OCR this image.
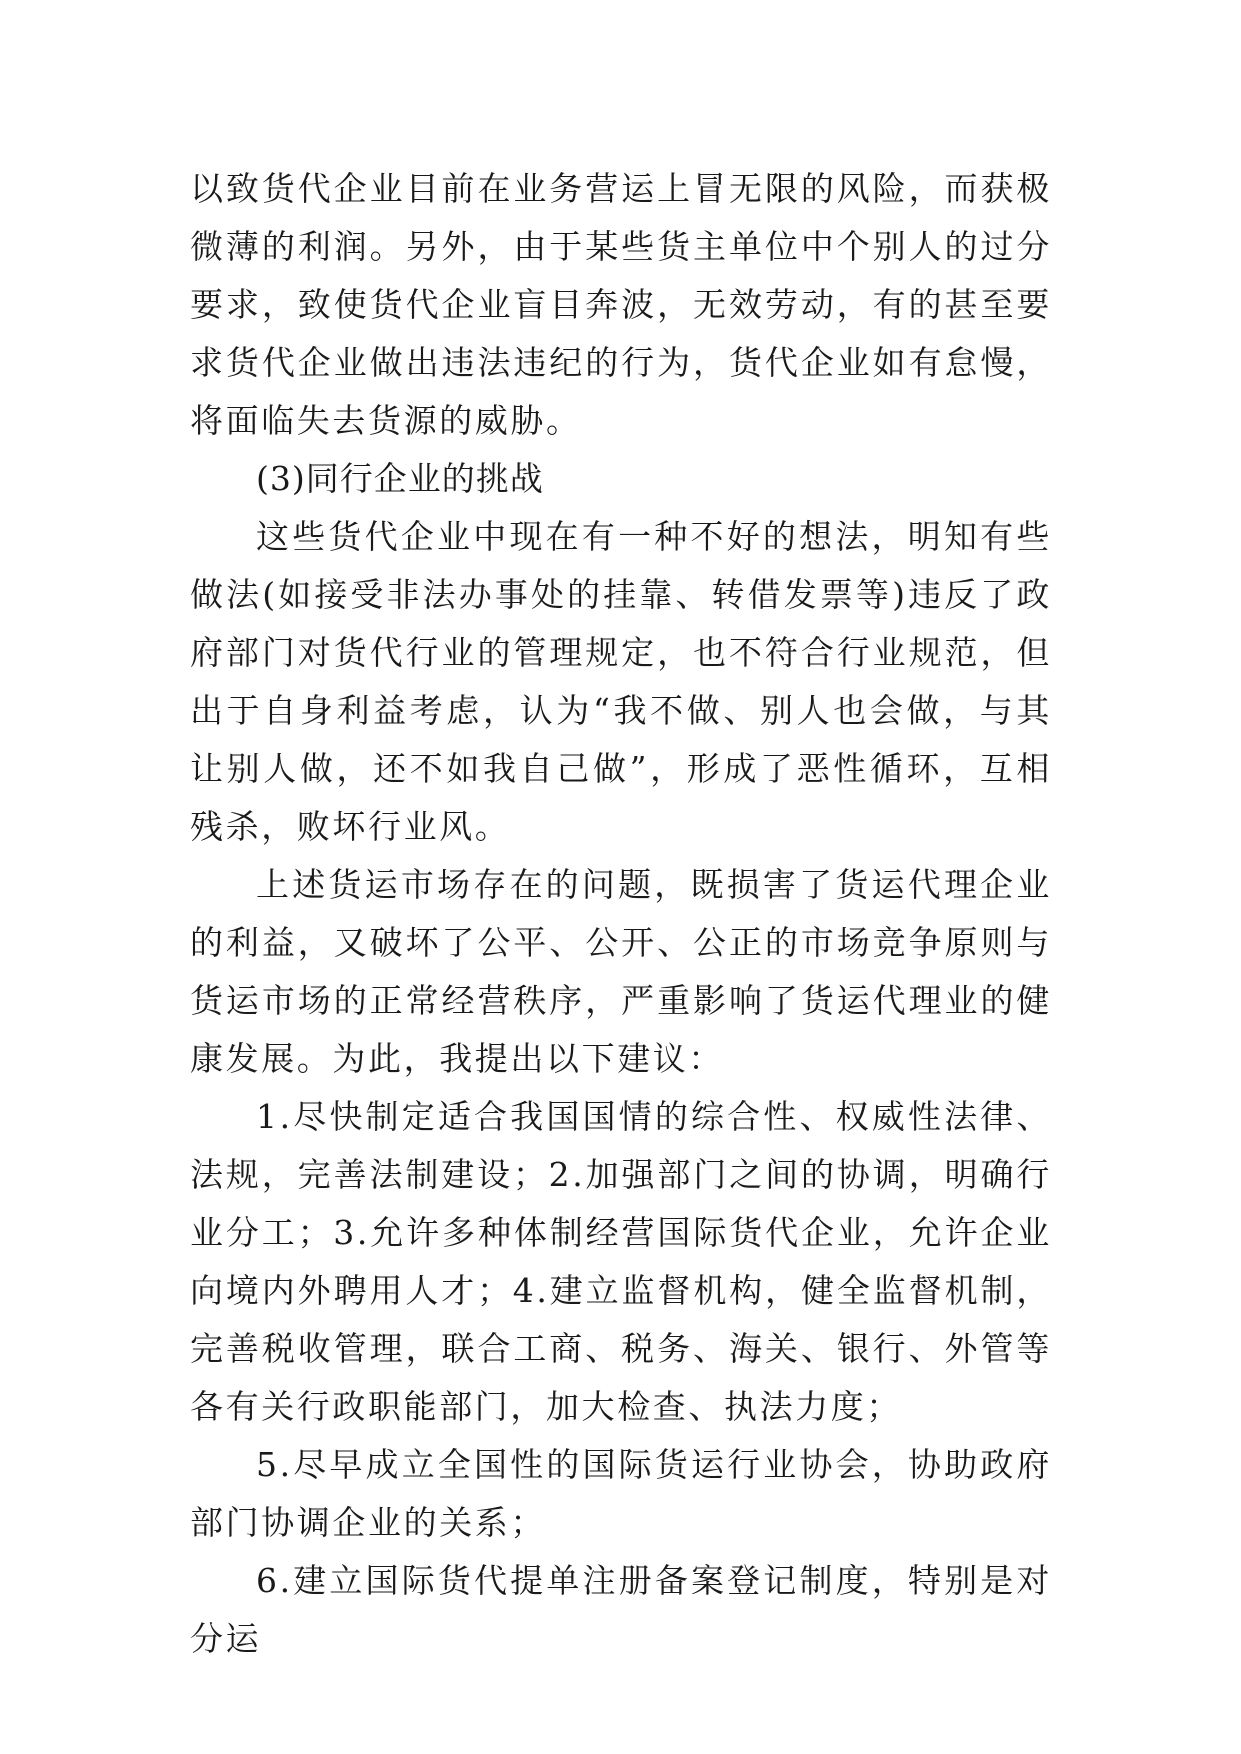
以致货代企业目前在业务营运上冒无限的风险，而获极微薄的利润。另外，由于某些货主单位中个别人的过分要求，致使货代企业盲目奔波，无效劳动，有的甚至要求货代企业做出违法违纪的行为，货代企业如有怠慢，将面临失去货源的威胁。

(3)同行企业的挑战

这些货代企业中现在有一种不好的想法，明知有些做法(如接受非法办事处的挂靠、转借发票等)违反了政府部门对货代行业的管理规定，也不符合行业规范，但出于自身利益考虑，认为“我不做、别人也会做，与其让别人做，还不如我自己做”，形成了恶性循环，互相残杀，败坏行业风。

上述货运市场存在的问题，既损害了货运代理企业的利益，又破坏了公平、公开、公正的市场竞争原则与货运市场的正常经营秩序，严重影响了货运代理业的健康发展。为此，我提出以下建议：

1.尽快制定适合我国国情的综合性、权威性法律、法规，完善法制建设；2.加强部门之间的协调，明确行业分工；3.允许多种体制经营国际货代企业，允许企业向境内外聘用人才；4.建立监督机构，健全监督机制，完善税收管理，联合工商、税务、海关、银行、外管等各有关行政职能部门，加大检查、执法力度；

5.尽早成立全国性的国际货运行业协会，协助政府部门协调企业的关系；

6.建立国际货代提单注册备案登记制度，特别是对分运
